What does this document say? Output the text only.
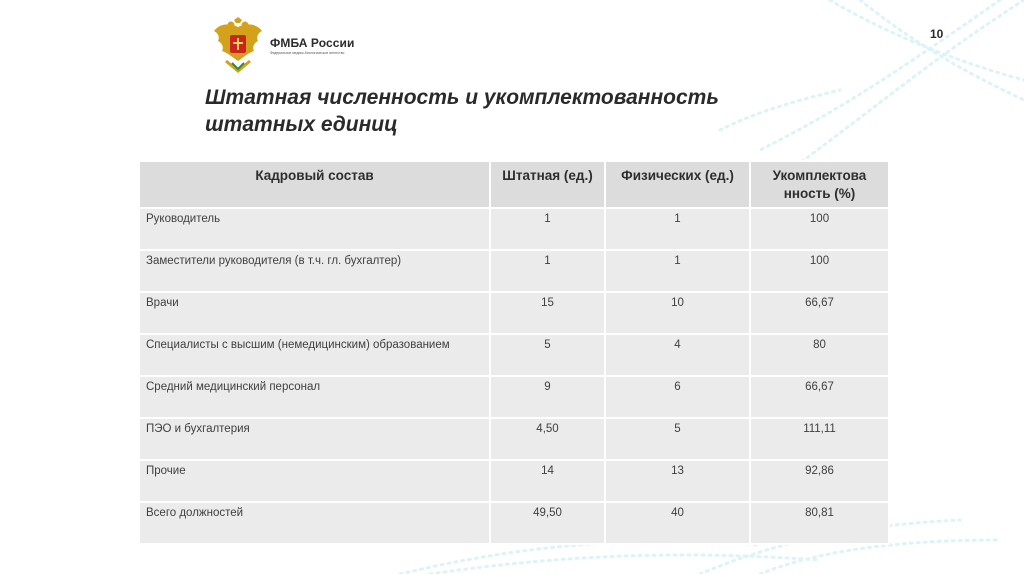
ФМБА России
Федеральное медико-биологическое агентство
10
Штатная численность и укомплектованность
штатных единиц
Кадровый состав	Штатная (ед.)	Физических (ед.)	Укомплектова нность (%)
Руководитель	1	1	100
Заместители руководителя (в т.ч. гл. бухгалтер)	1	1	100
Врачи	15	10	66,67
Специалисты с высшим (немедицинским) образованием	5	4	80
Средний медицинский персонал	9	6	66,67
ПЭО и бухгалтерия	4,50	5	111,11
Прочие	14	13	92,86
Всего должностей	49,50	40	80,81
